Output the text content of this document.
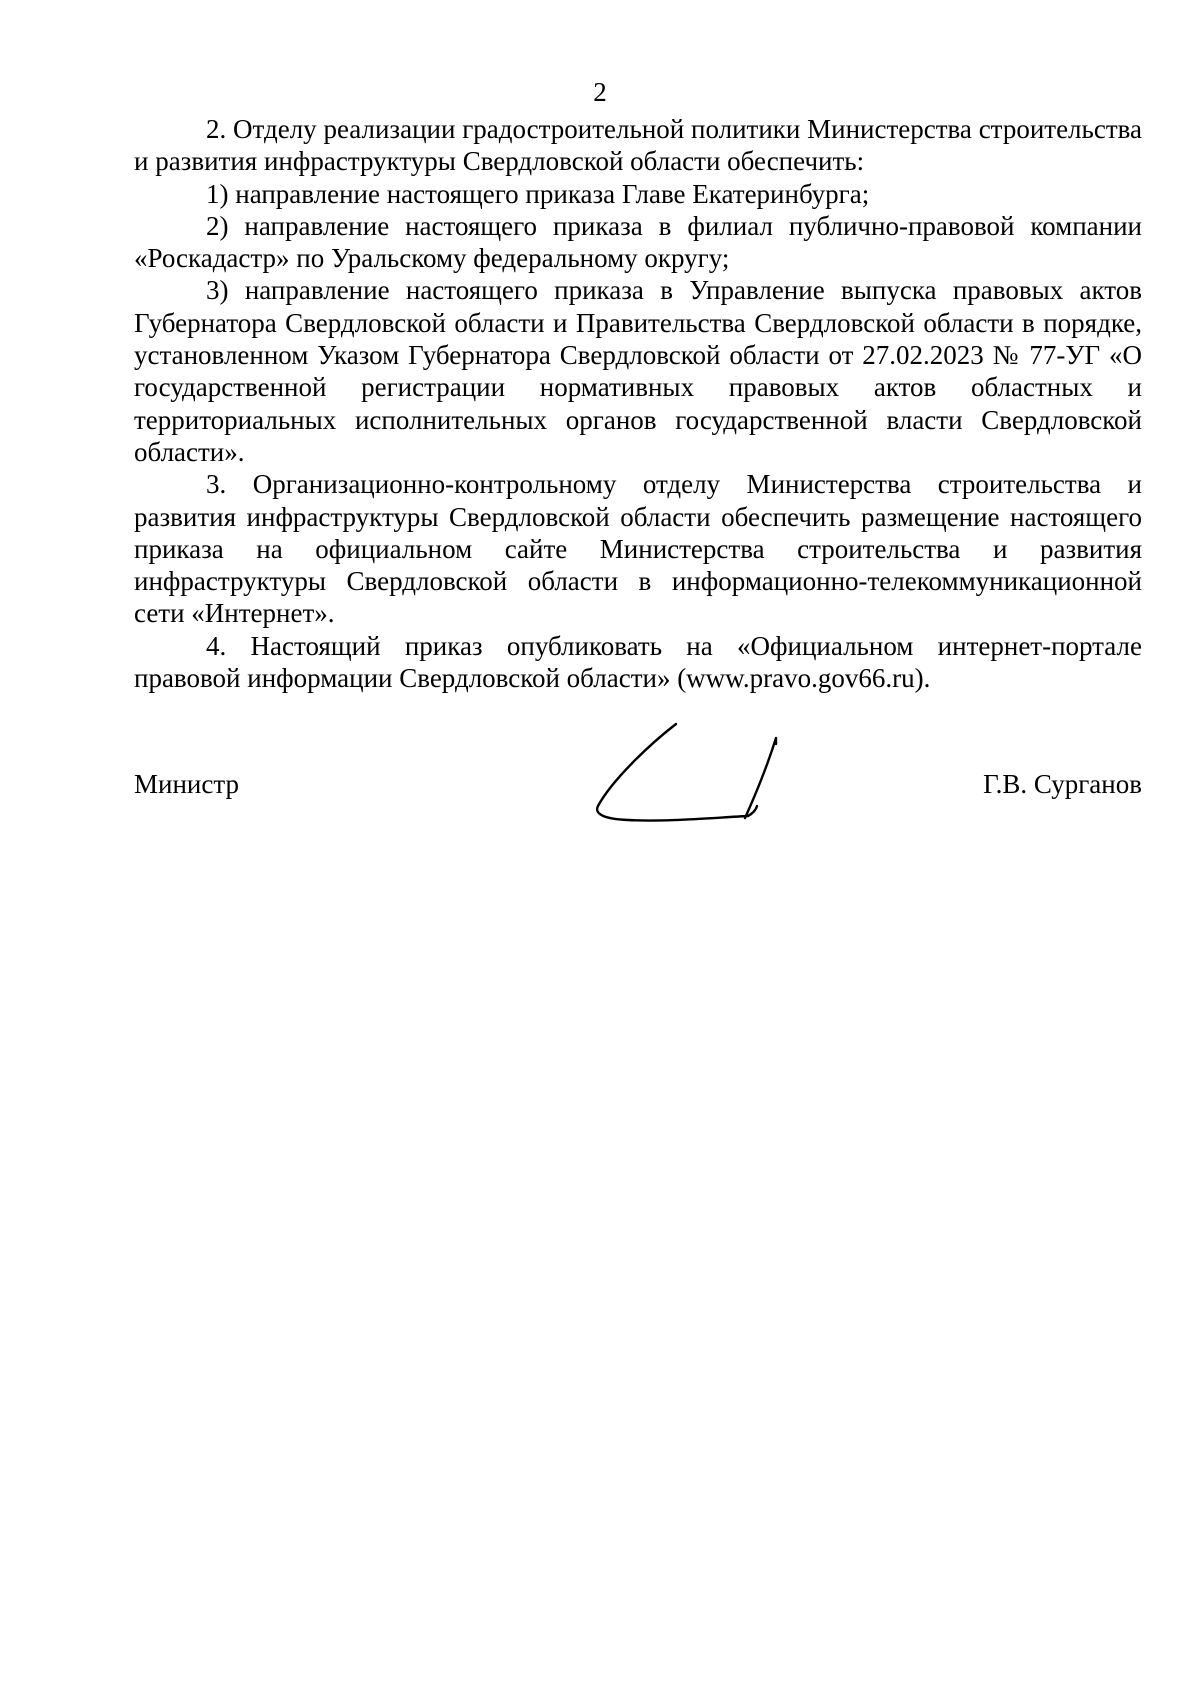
2

2. Отделу реализации градостроительной политики Министерства строительства и развития инфраструктуры Свердловской области обеспечить:

1) направление настоящего приказа Главе Екатеринбурга;

2) направление настоящего приказа в филиал публично-правовой компании «Роскадастр» по Уральскому федеральному округу;

3) направление настоящего приказа в Управление выпуска правовых актов Губернатора Свердловской области и Правительства Свердловской области в порядке, установленном Указом Губернатора Свердловской области от 27.02.2023 № 77-УГ «О государственной регистрации нормативных правовых актов областных и территориальных исполнительных органов государственной власти Свердловской области».

3. Организационно-контрольному отделу Министерства строительства и развития инфраструктуры Свердловской области обеспечить размещение настоящего приказа на официальном сайте Министерства строительства и развития инфраструктуры Свердловской области в информационно-телекоммуникационной сети «Интернет».

4. Настоящий приказ опубликовать на «Официальном интернет-портале правовой информации Свердловской области» (www.pravo.gov66.ru).

Министр	Г.В. Сурганов
